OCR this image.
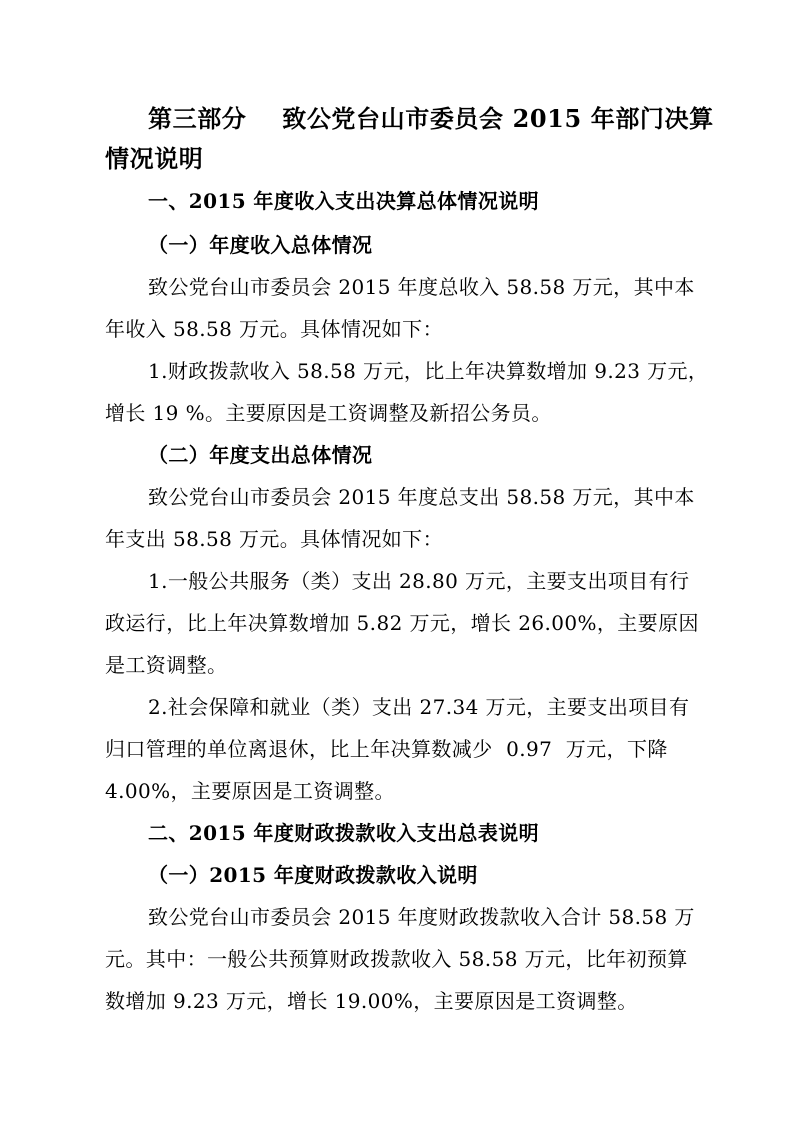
第三部分    致公党台山市委员会 2015 年部门决算
情况说明
一、2015 年度收入支出决算总体情况说明
（一）年度收入总体情况
致公党台山市委员会 2015 年度总收入 58.58 万元，其中本
年收入 58.58 万元。具体情况如下：
1.财政拨款收入 58.58 万元，比上年决算数增加 9.23 万元，
增长 19 %。主要原因是工资调整及新招公务员。
（二）年度支出总体情况
致公党台山市委员会 2015 年度总支出 58.58 万元，其中本
年支出 58.58 万元。具体情况如下：
1.一般公共服务（类）支出 28.80 万元，主要支出项目有行
政运行，比上年决算数增加 5.82 万元，增长 26.00%，主要原因
是工资调整。
2.社会保障和就业（类）支出 27.34 万元，主要支出项目有
归口管理的单位离退休，比上年决算数减少  0.97  万元，下降
4.00%，主要原因是工资调整。
二、2015 年度财政拨款收入支出总表说明
（一）2015 年度财政拨款收入说明
致公党台山市委员会 2015 年度财政拨款收入合计 58.58 万
元。其中：一般公共预算财政拨款收入 58.58 万元，比年初预算
数增加 9.23 万元，增长 19.00%，主要原因是工资调整。
